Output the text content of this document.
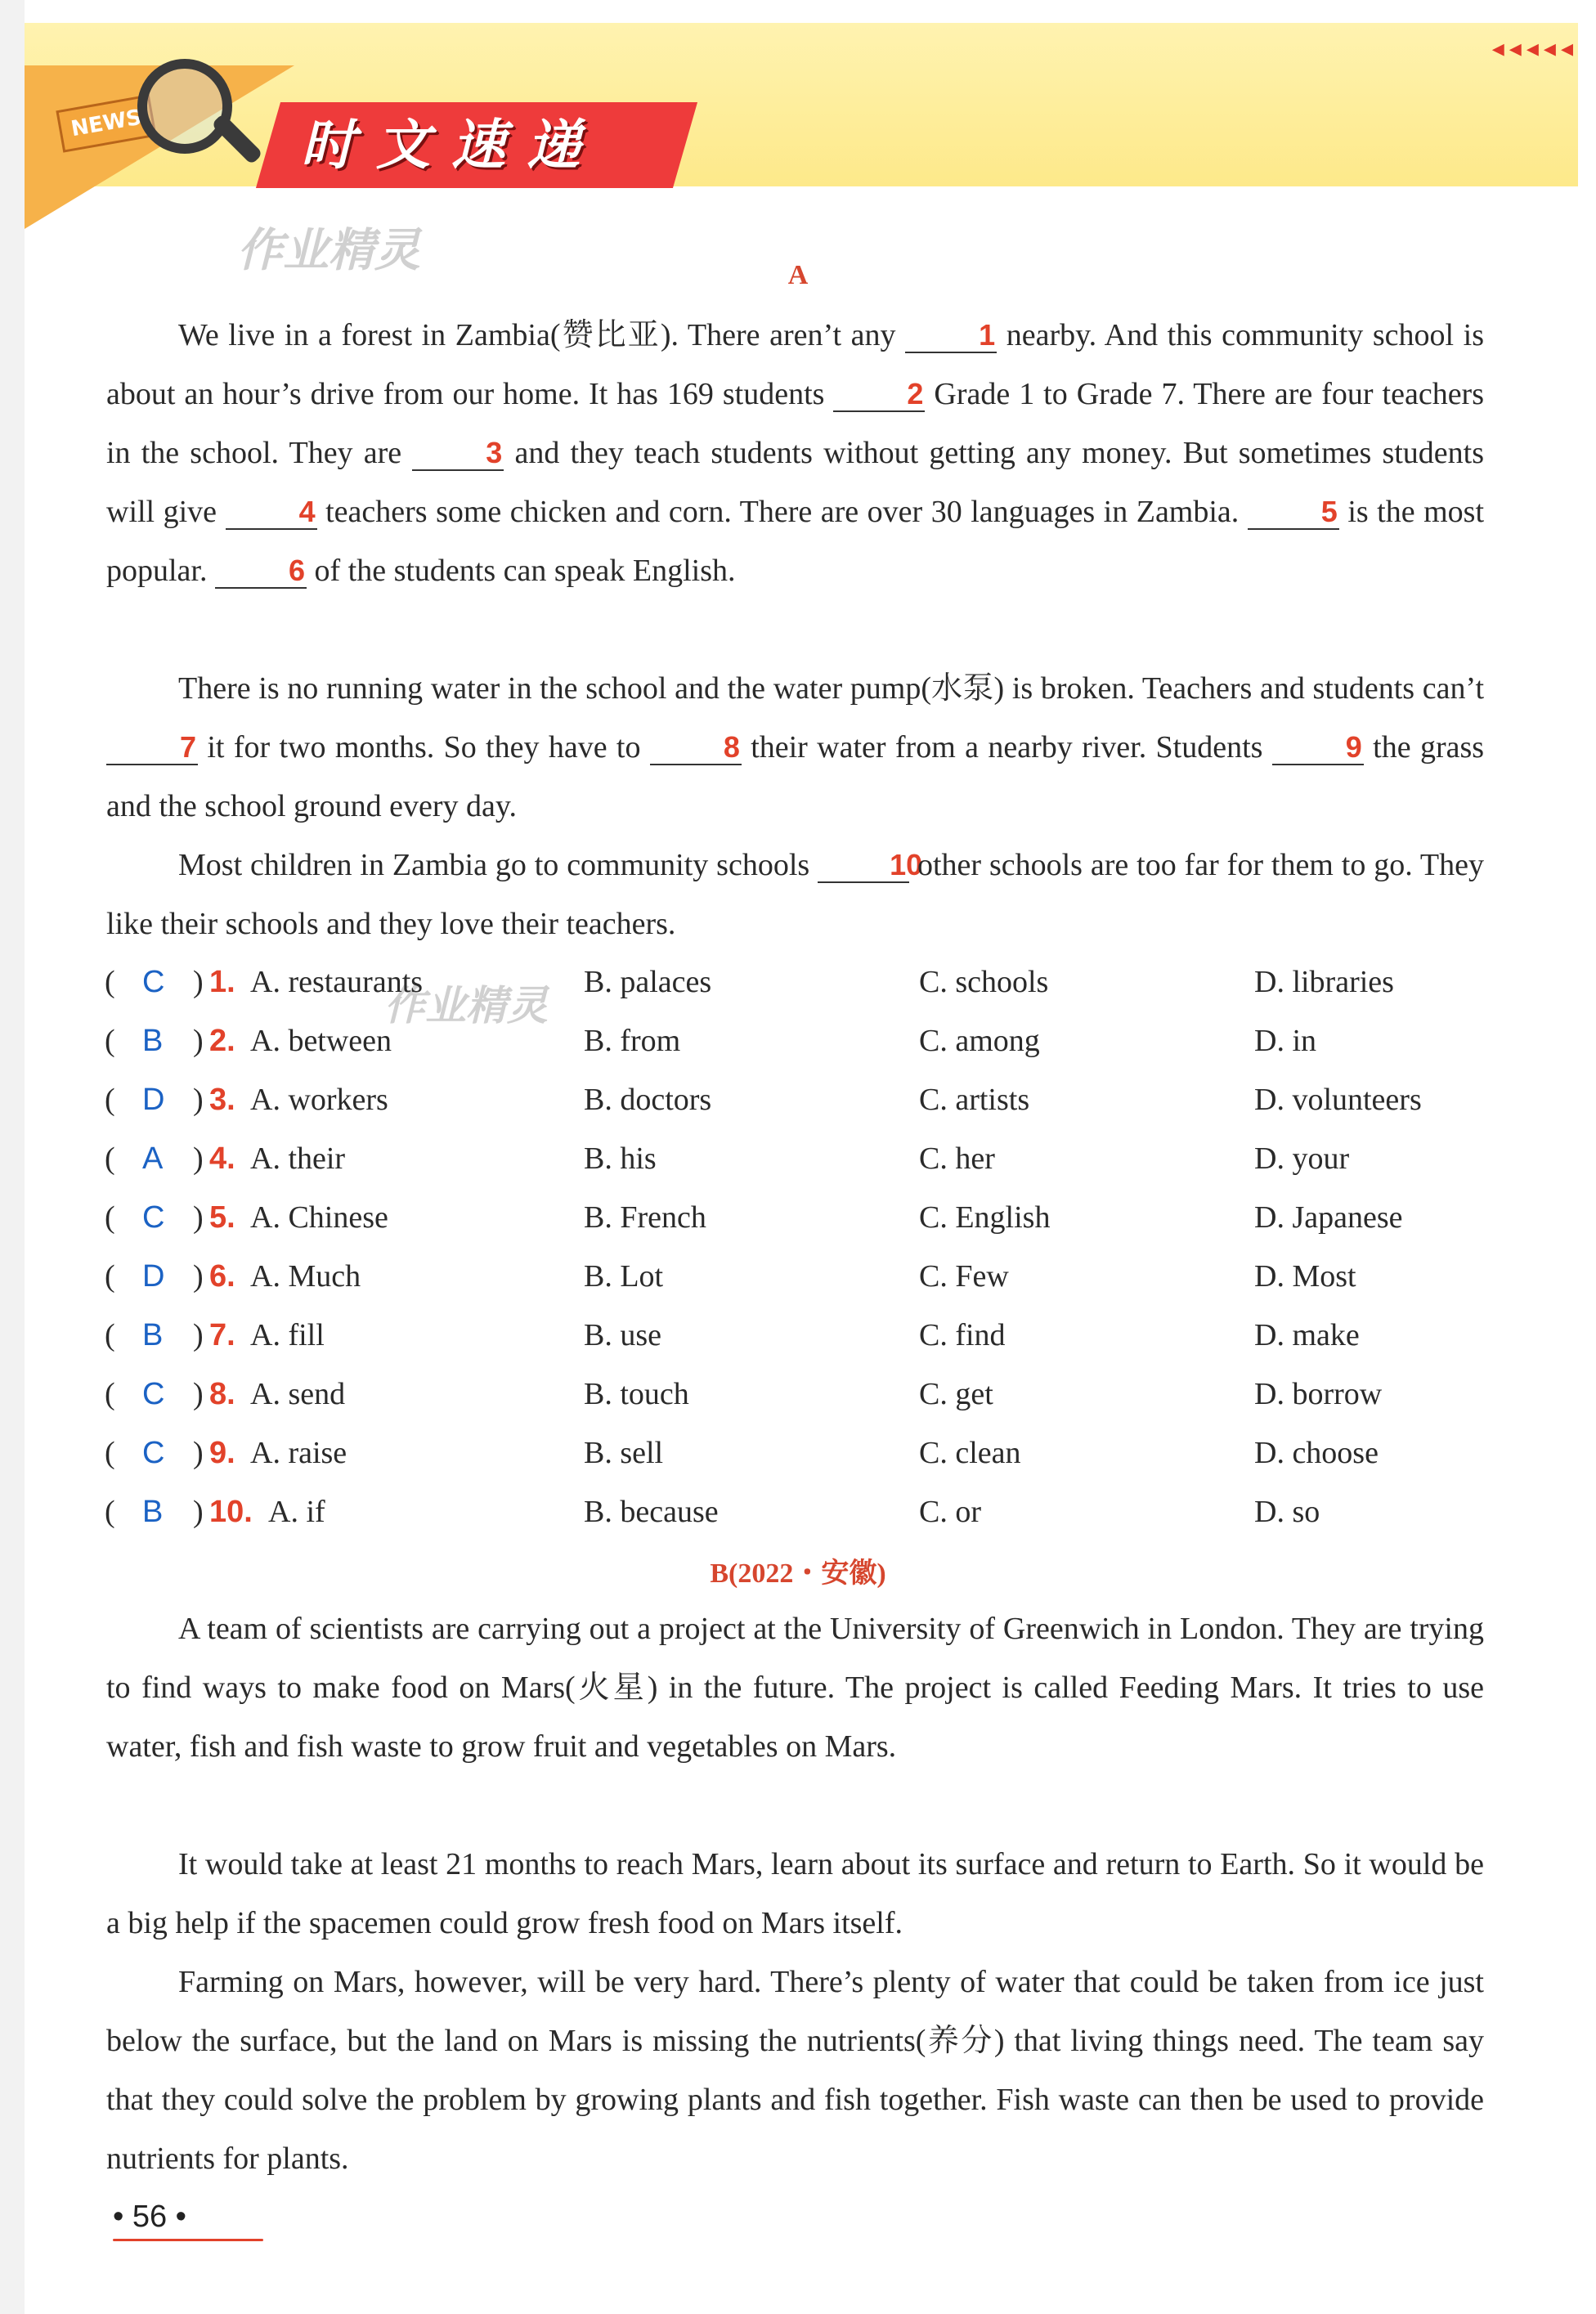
NEWS	时文速递
◂◂◂◂◂
作业精灵	A
We live in a forest in Zambia(赞比亚). There aren’t any	1 nearby. And this community school is about an hour’s drive from our home. It has 169 students	2 Grade 1 to Grade 7. There are four teachers in the school. They are	3 and they teach students without getting any money. But sometimes students will give	4 teachers some chicken and corn. There are over 30 languages in Zambia.	5 is the most popular.	6 of the students can speak English.
There is no running water in the school and the water pump(水泵) is broken. Teachers and students can’t 7 it for two months. So they have to	8 their water from a nearby river. Students	9 the grass and the school ground every day.
Most children in Zambia go to community schools	10 other schools are too far for them to go. They like their schools and they love their teachers.
作业精灵
( C ) 1. A. restaurants	B. palaces	C. schools	D. libraries
( B ) 2. A. between	B. from	C. among	D. in
( D ) 3. A. workers	B. doctors	C. artists	D. volunteers
( A ) 4. A. their	B. his	C. her	D. your
( C ) 5. A. Chinese	B. French	C. English	D. Japanese
( D ) 6. A. Much	B. Lot	C. Few	D. Most
( B ) 7. A. fill	B. use	C. find	D. make
( C ) 8. A. send	B. touch	C. get	D. borrow
( C ) 9. A. raise	B. sell	C. clean	D. choose
( B ) 10. A. if	B. because	C. or	D. so
B(2022・安徽)
A team of scientists are carrying out a project at the University of Greenwich in London. They are trying to find ways to make food on Mars(火星) in the future. The project is called Feeding Mars. It tries to use water, fish and fish waste to grow fruit and vegetables on Mars.
It would take at least 21 months to reach Mars, learn about its surface and return to Earth. So it would be a big help if the spacemen could grow fresh food on Mars itself.
Farming on Mars, however, will be very hard. There’s plenty of water that could be taken from ice just below the surface, but the land on Mars is missing the nutrients(养分) that living things need. The team say that they could solve the problem by growing plants and fish together. Fish waste can then be used to provide nutrients for plants.
• 56 •
